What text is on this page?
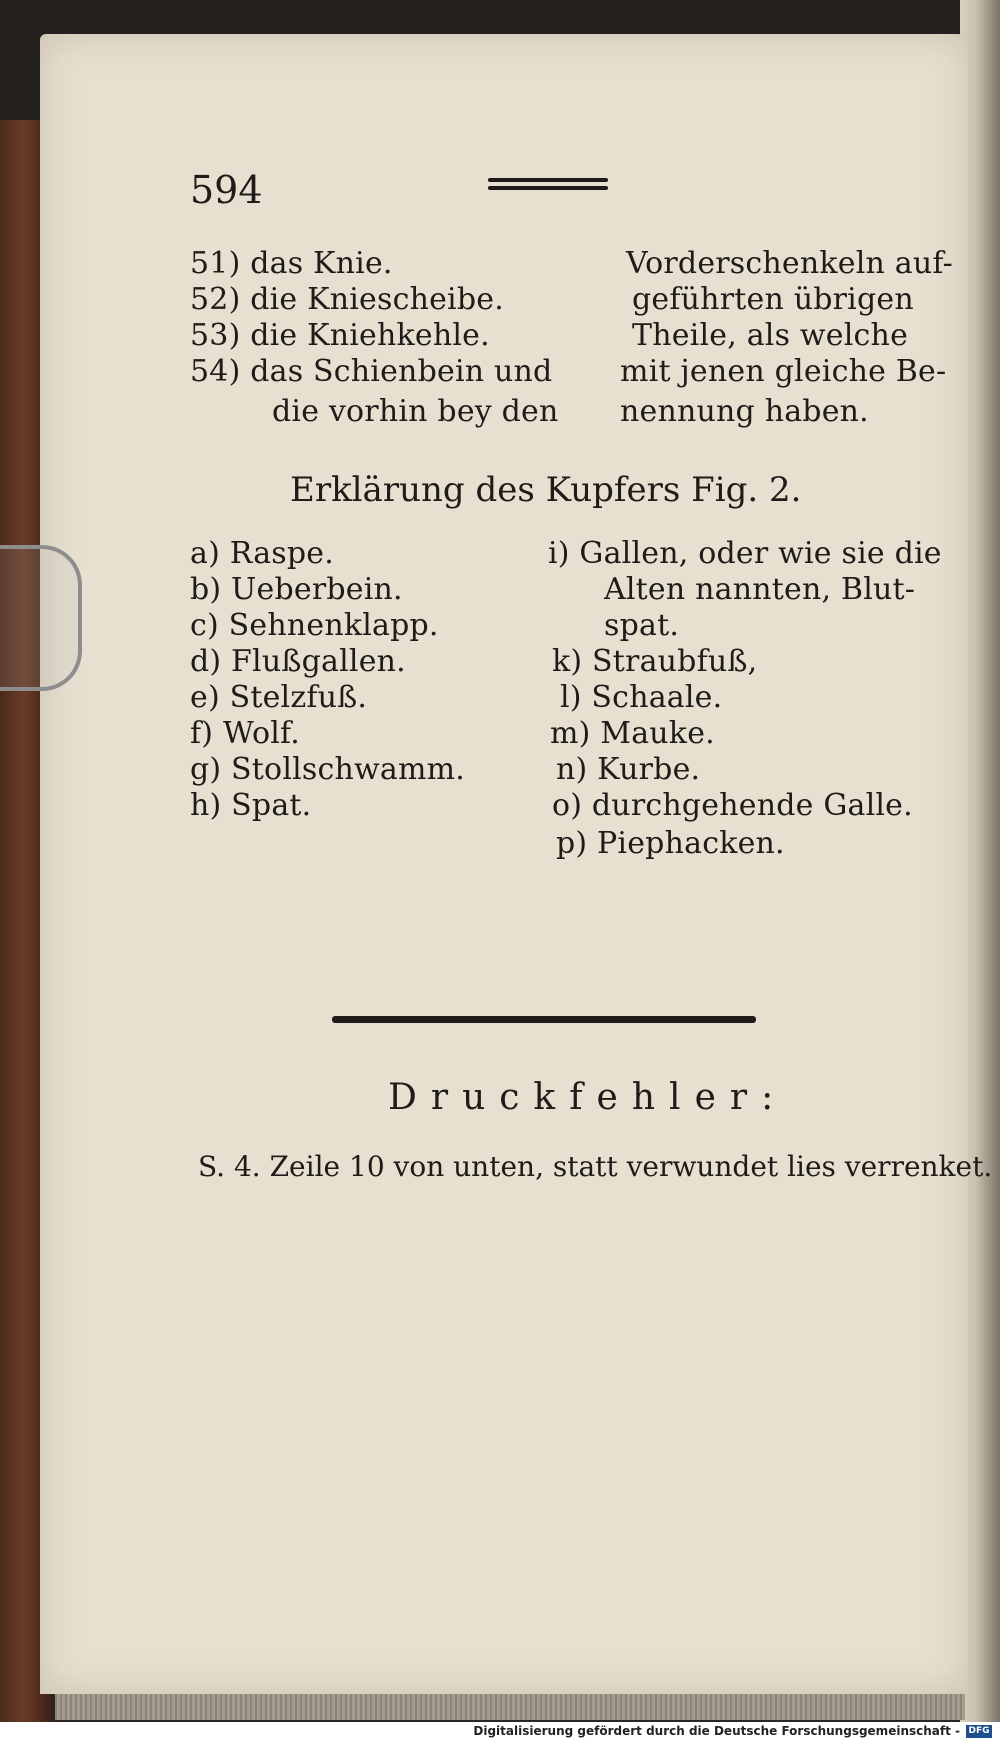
594
51) das Knie.
52) die Kniescheibe.
53) die Kniehkehle.
54) das Schienbein und
die vorhin bey den
Vorderschenkeln auf-
geführten übrigen
Theile, als welche
mit jenen gleiche Be-
nennung haben.
Erklärung des Kupfers Fig. 2.
a) Raspe.
b) Ueberbein.
c) Sehnenklapp.
d) Flußgallen.
e) Stelzfuß.
f) Wolf.
g) Stollschwamm.
h) Spat.
i) Gallen, oder wie sie die
Alten nannten, Blut-
spat.
k) Straubfuß,
l) Schaale.
m) Mauke.
n) Kurbe.
o) durchgehende Galle.
p) Piephacken.
Druckfehler:
S. 4. Zeile 10 von unten, statt verwundet lies verrenket.
Digitalisierung gefördert durch die Deutsche Forschungsgemeinschaft - DFG
